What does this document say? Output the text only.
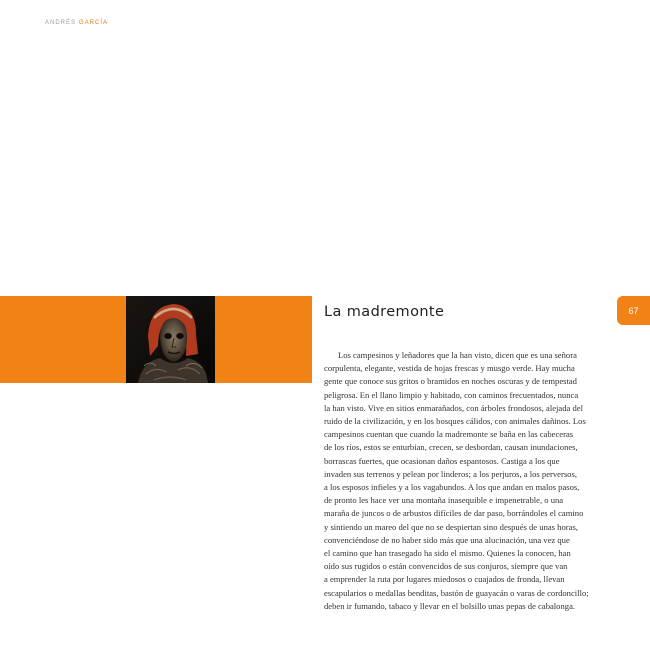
ANDRÉS GARCÍA
67
La madremonte
Los campesinos y leñadores que la han visto, dicen que es una señora
corpulenta, elegante, vestida de hojas frescas y musgo verde. Hay mucha
gente que conoce sus gritos o bramidos en noches oscuras y de tempestad
peligrosa. En el llano limpio y habitado, con caminos frecuentados, nunca
la han visto. Vive en sitios enmarañados, con árboles frondosos, alejada del
ruido de la civilización, y en los bosques cálidos, con animales dañinos. Los
campesinos cuentan que cuando la madremonte se baña en las cabeceras
de los ríos, estos se enturbian, crecen, se desbordan, causan inundaciones,
borrascas fuertes, que ocasionan daños espantosos. Castiga a los que
invaden sus terrenos y pelean por linderos; a los perjuros, a los perversos,
a los esposos infieles y a los vagabundos. A los que andan en malos pasos,
de pronto les hace ver una montaña inasequible e impenetrable, o una
maraña de juncos o de arbustos difíciles de dar paso, borrándoles el camino
y sintiendo un mareo del que no se despiertan sino después de unas horas,
convenciéndose de no haber sido más que una alucinación, una vez que
el camino que han trasegado ha sido el mismo. Quienes la conocen, han
oído sus rugidos o están convencidos de sus conjuros, siempre que van
a emprender la ruta por lugares miedosos o cuajados de fronda, llevan
escapularios o medallas benditas, bastón de guayacán o varas de cordoncillo;
deben ir fumando, tabaco y llevar en el bolsillo unas pepas de cabalonga.
